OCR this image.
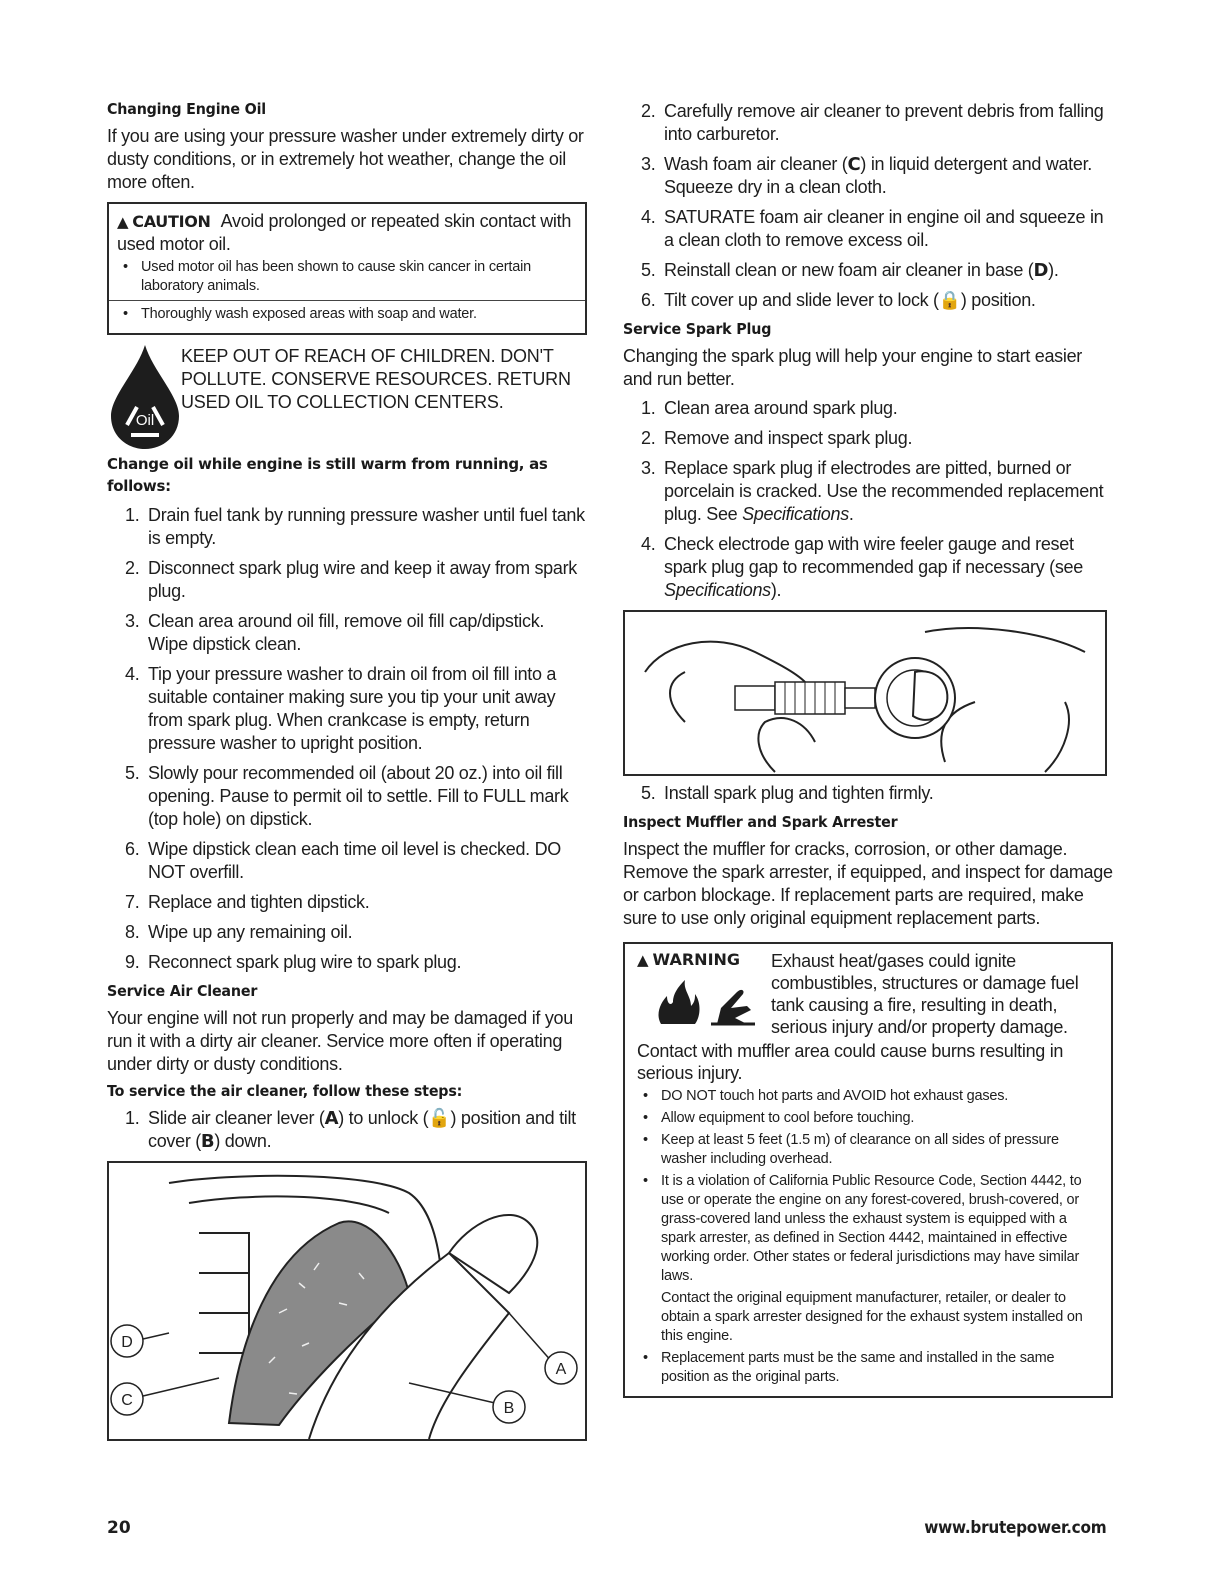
Changing Engine Oil

If you are using your pressure washer under extremely dirty or dusty conditions, or in extremely hot weather, change the oil more often.

▲ CAUTION Avoid prolonged or repeated skin contact with used motor oil.
• Used motor oil has been shown to cause skin cancer in certain laboratory animals.
• Thoroughly wash exposed areas with soap and water.
Oil
KEEP OUT OF REACH OF CHILDREN. DON'T POLLUTE. CONSERVE RESOURCES. RETURN USED OIL TO COLLECTION CENTERS.
Change oil while engine is still warm from running, as follows:
1. Drain fuel tank by running pressure washer until fuel tank is empty.
2. Disconnect spark plug wire and keep it away from spark plug.
3. Clean area around oil fill, remove oil fill cap/dipstick. Wipe dipstick clean.
4. Tip your pressure washer to drain oil from oil fill into a suitable container making sure you tip your unit away from spark plug. When crankcase is empty, return pressure washer to upright position.
5. Slowly pour recommended oil (about 20 oz.) into oil fill opening. Pause to permit oil to settle. Fill to FULL mark (top hole) on dipstick.
6. Wipe dipstick clean each time oil level is checked. DO NOT overfill.
7. Replace and tighten dipstick.
8. Wipe up any remaining oil.
9. Reconnect spark plug wire to spark plug.
Service Air Cleaner

Your engine will not run properly and may be damaged if you run it with a dirty air cleaner. Service more often if operating under dirty or dusty conditions.

To service the air cleaner, follow these steps:
1. Slide air cleaner lever (A) to unlock (🔓) position and tilt cover (B) down.
D
C
A
B
2. Carefully remove air cleaner to prevent debris from falling into carburetor.
3. Wash foam air cleaner (C) in liquid detergent and water. Squeeze dry in a clean cloth.
4. SATURATE foam air cleaner in engine oil and squeeze in a clean cloth to remove excess oil.
5. Reinstall clean or new foam air cleaner in base (D).
6. Tilt cover up and slide lever to lock (🔒) position.
Service Spark Plug

Changing the spark plug will help your engine to start easier and run better.

1. Clean area around spark plug.
2. Remove and inspect spark plug.
3. Replace spark plug if electrodes are pitted, burned or porcelain is cracked. Use the recommended replacement plug. See Specifications.
4. Check electrode gap with wire feeler gauge and reset spark plug gap to recommended gap if necessary (see Specifications).
5. Install spark plug and tighten firmly.
Inspect Muffler and Spark Arrester

Inspect the muffler for cracks, corrosion, or other damage. Remove the spark arrester, if equipped, and inspect for damage or carbon blockage. If replacement parts are required, make sure to use only original equipment replacement parts.

▲ WARNING	Exhaust heat/gases could ignite combustibles, structures or damage fuel tank causing a fire, resulting in death, serious injury and/or property damage.
Contact with muffler area could cause burns resulting in serious injury.
• DO NOT touch hot parts and AVOID hot exhaust gases.
• Allow equipment to cool before touching.
• Keep at least 5 feet (1.5 m) of clearance on all sides of pressure washer including overhead.
• It is a violation of California Public Resource Code, Section 4442, to use or operate the engine on any forest-covered, brush-covered, or grass-covered land unless the exhaust system is equipped with a spark arrester, as defined in Section 4442, maintained in effective working order. Other states or federal jurisdictions may have similar laws.
Contact the original equipment manufacturer, retailer, or dealer to obtain a spark arrester designed for the exhaust system installed on this engine.
• Replacement parts must be the same and installed in the same position as the original parts.
20	www.brutepower.com
